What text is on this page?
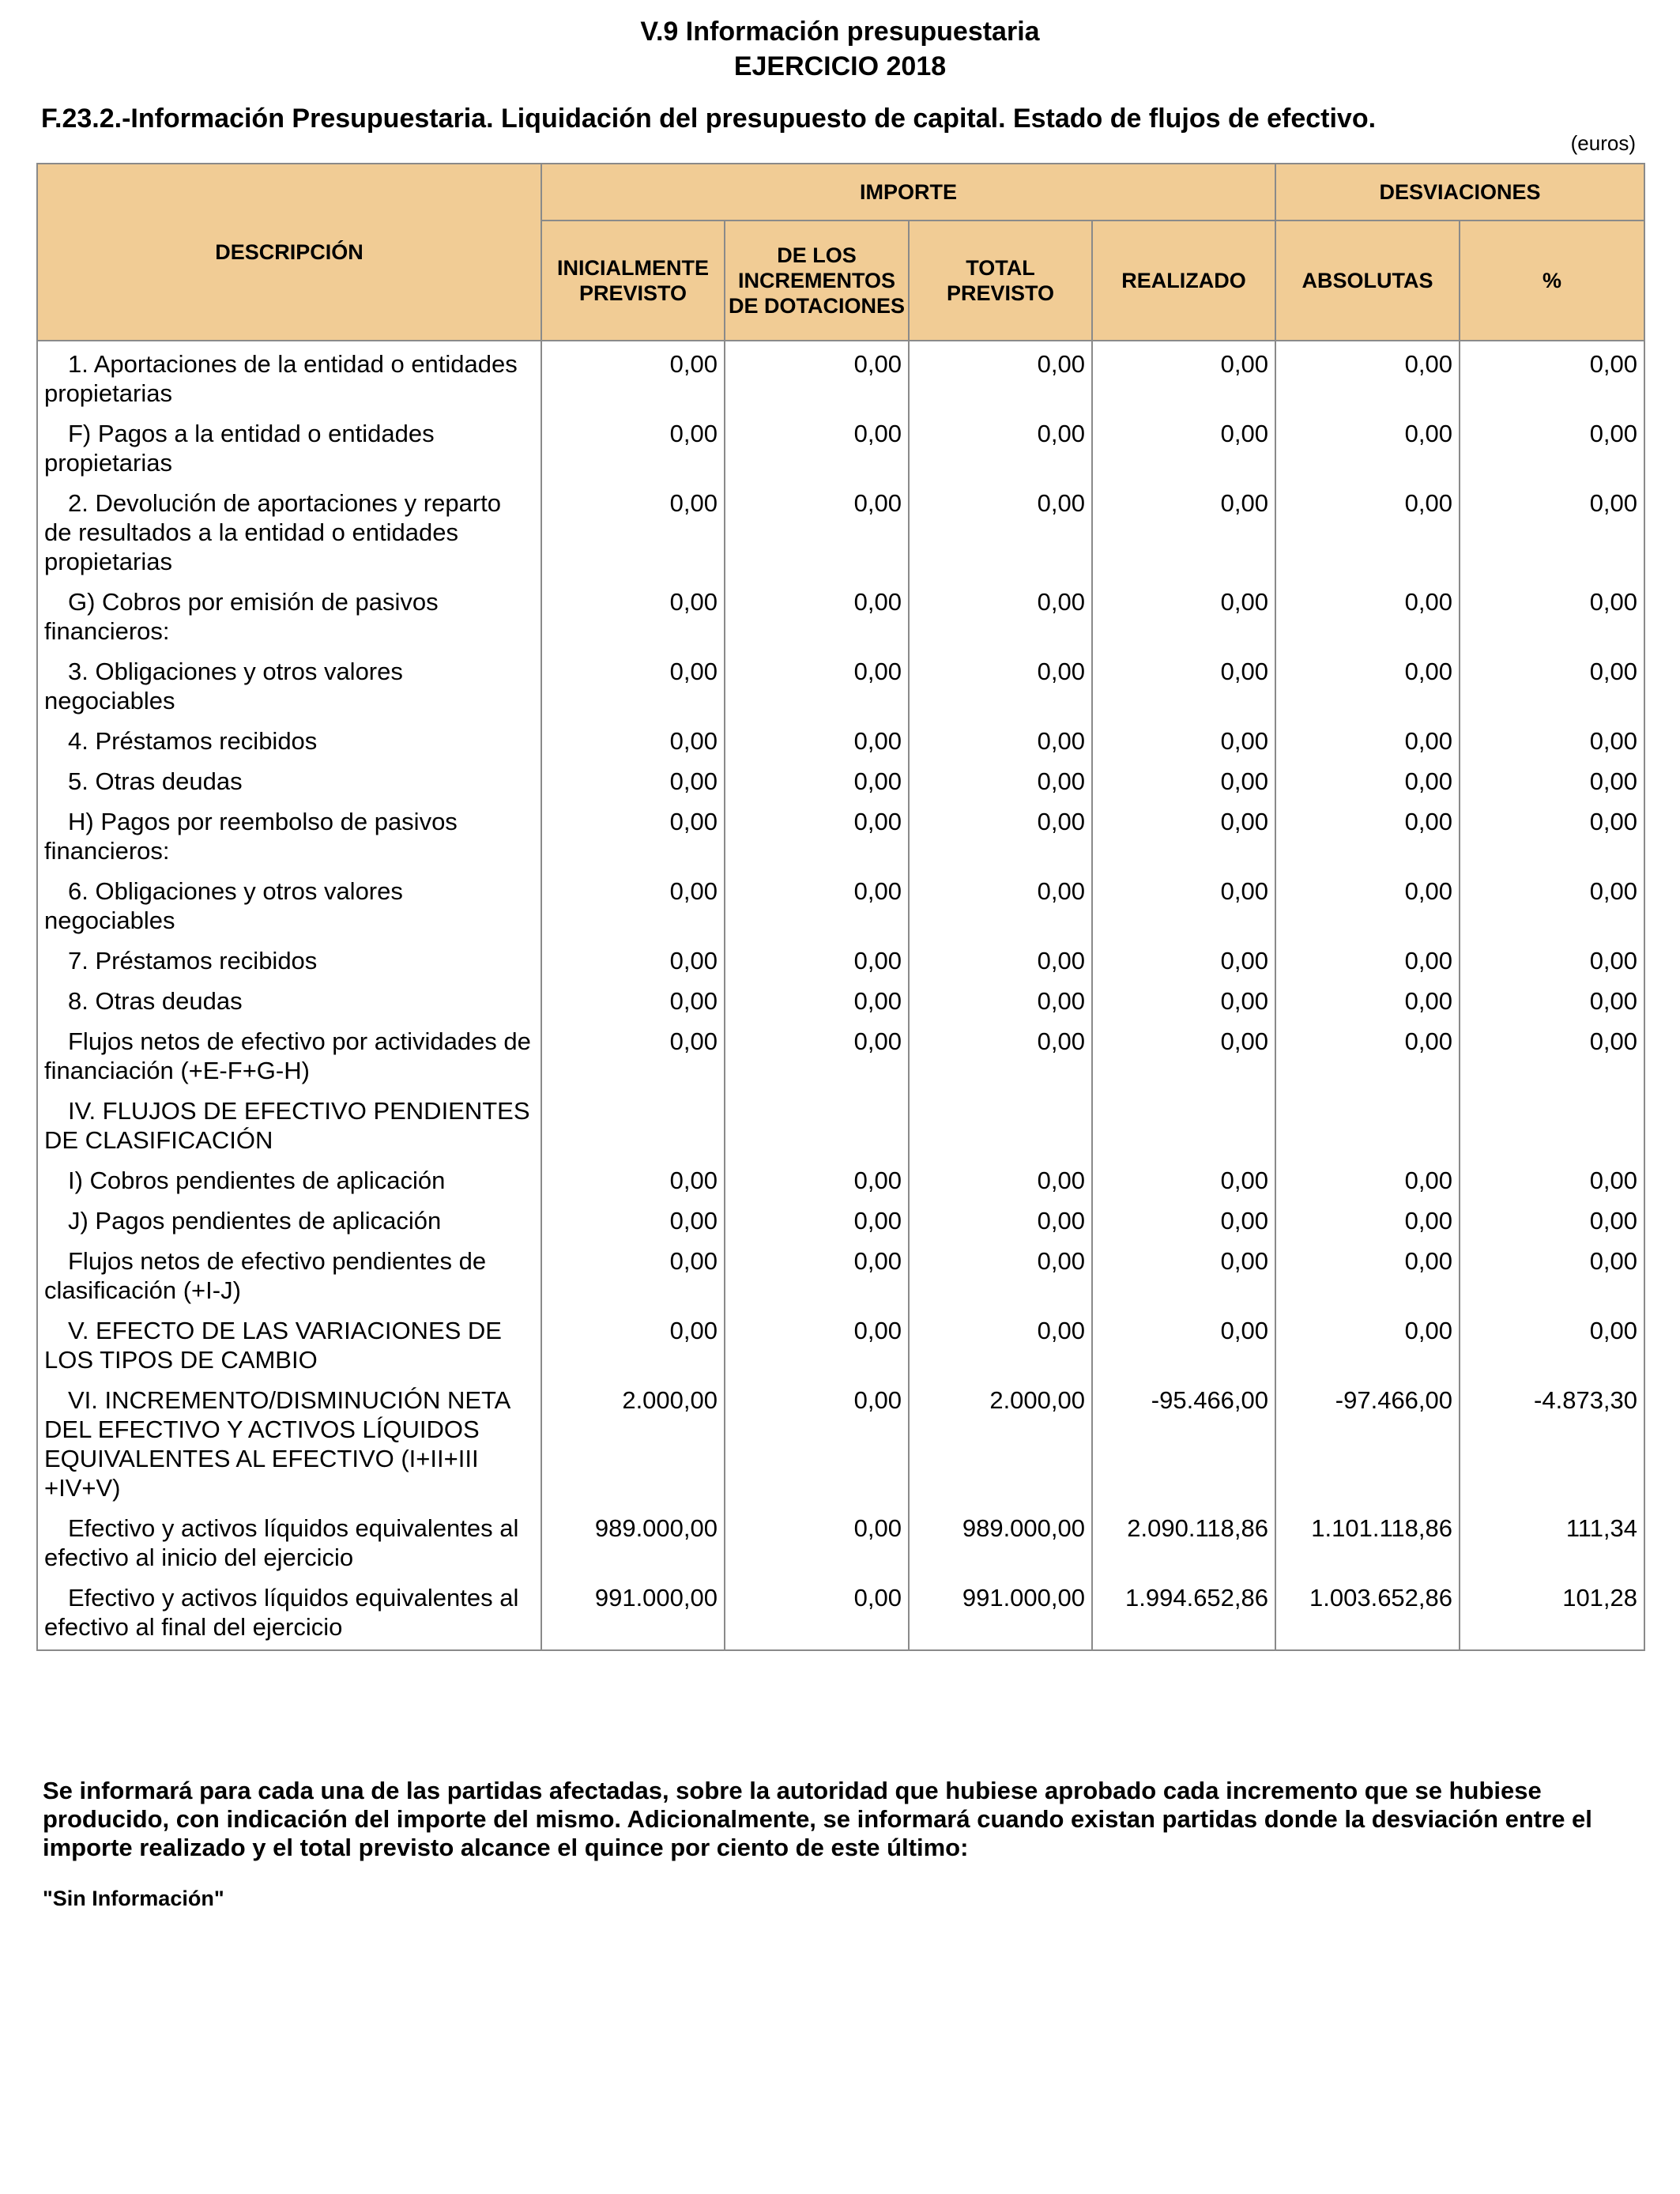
V.9 Información presupuestaria
EJERCICIO 2018
F.23.2.-Información Presupuestaria. Liquidación del presupuesto de capital. Estado de flujos de efectivo.
(euros)
DESCRIPCIÓN	IMPORTE				DESVIACIONES	
	INICIALMENTE PREVISTO	DE LOS INCREMENTOS DE DOTACIONES	TOTAL PREVISTO	REALIZADO	ABSOLUTAS	%
1. Aportaciones de la entidad o entidades propietarias	0,00	0,00	0,00	0,00	0,00	0,00
F) Pagos a la entidad o entidades propietarias	0,00	0,00	0,00	0,00	0,00	0,00
2. Devolución de aportaciones y reparto de resultados a la entidad o entidades propietarias	0,00	0,00	0,00	0,00	0,00	0,00
G) Cobros por emisión de pasivos financieros:	0,00	0,00	0,00	0,00	0,00	0,00
3. Obligaciones y otros valores negociables	0,00	0,00	0,00	0,00	0,00	0,00
4. Préstamos recibidos	0,00	0,00	0,00	0,00	0,00	0,00
5. Otras deudas	0,00	0,00	0,00	0,00	0,00	0,00
H) Pagos por reembolso de pasivos financieros:	0,00	0,00	0,00	0,00	0,00	0,00
6. Obligaciones y otros valores negociables	0,00	0,00	0,00	0,00	0,00	0,00
7. Préstamos recibidos	0,00	0,00	0,00	0,00	0,00	0,00
8. Otras deudas	0,00	0,00	0,00	0,00	0,00	0,00
Flujos netos de efectivo por actividades de financiación (+E-F+G-H)	0,00	0,00	0,00	0,00	0,00	0,00
IV. FLUJOS DE EFECTIVO PENDIENTES DE CLASIFICACIÓN						
I) Cobros pendientes de aplicación	0,00	0,00	0,00	0,00	0,00	0,00
J) Pagos pendientes de aplicación	0,00	0,00	0,00	0,00	0,00	0,00
Flujos netos de efectivo pendientes de clasificación (+I-J)	0,00	0,00	0,00	0,00	0,00	0,00
V. EFECTO DE LAS VARIACIONES DE LOS TIPOS DE CAMBIO	0,00	0,00	0,00	0,00	0,00	0,00
VI. INCREMENTO/DISMINUCIÓN NETA DEL EFECTIVO Y ACTIVOS LÍQUIDOS EQUIVALENTES AL EFECTIVO (I+II+III +IV+V)	2.000,00	0,00	2.000,00	-95.466,00	-97.466,00	-4.873,30
Efectivo y activos líquidos equivalentes al efectivo al inicio del ejercicio	989.000,00	0,00	989.000,00	2.090.118,86	1.101.118,86	111,34
Efectivo y activos líquidos equivalentes al efectivo al final del ejercicio	991.000,00	0,00	991.000,00	1.994.652,86	1.003.652,86	101,28
Se informará para cada una de las partidas afectadas, sobre la autoridad que hubiese aprobado cada incremento que se hubiese producido, con indicación del importe del mismo. Adicionalmente, se informará cuando existan partidas donde la desviación entre el importe realizado y el total previsto alcance el quince por ciento de este último:
"Sin Información"
